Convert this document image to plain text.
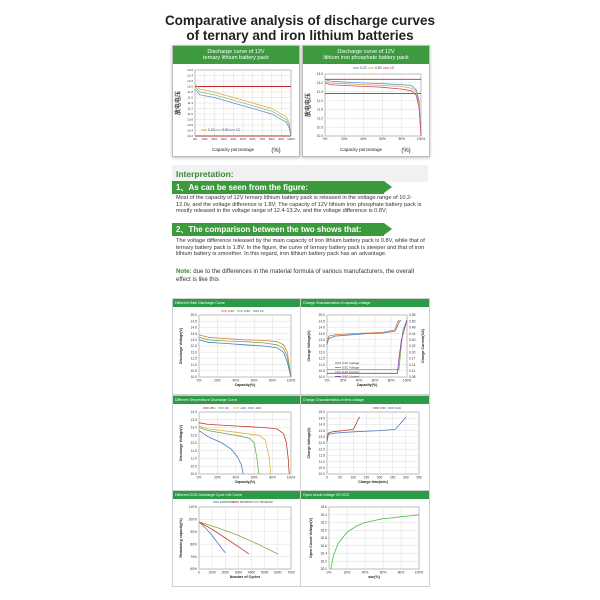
Comparative analysis of discharge curves
of ternary and iron lithium batteries
Discharge curve of 12V
ternary lithium battery pack
12.6
12.4
12.2
12.0
11.8
11.6
11.4
11.2
11.0
10.8
10.6
10.4
10.2
0% 10% 20% 30% 40% 50% 60% 70% 80% 90% 100%
放电电压
0.2C 0.5C 1C
Capacity percentage	(%)
Discharge curve of 12V
lithium iron phosphate battery pack
13.5
13.0
12.5
12.0
11.5
11.0
10.5
10.0
0%	20%	40%	60%	80%	100%
放电电压
0.2C 0.5C 1C
Capacity percentage	(%)
Interpretation:
1、As can be seen from the figure:
Most of the capacity of 12V ternary lithium battery pack is released in the voltage range of 10.2-12.0v, and the voltage difference is 1.8V; The capacity of 12V lithium iron phosphate battery pack is mostly released in the voltage range of 12.4-13.2v, and the voltage difference is 0.8V;
2、The comparison between the two shows that:
The voltage difference released by the main capacity of iron lithium battery pack is 0.8V, while that of ternary battery pack is 1.8V. In the figure, the curve of ternary battery pack is steeper and that of iron lithium battery is smoother. In this regard, iron lithium battery pack has an advantage.
Note: due to the differences in the material formula of various manufacturers, the overall effect is like this
Different Rate Discharge Curve
15.0
14.5
14.0
13.5
13.0
12.5
12.0
11.5
11.0
10.5
10.0
0%	20%	40%	60%	80%	100%
Discharge Voltage(V)
Capacity(%)
0.2C	0.5C	1C
Charge Characteristics of capacity-voltage
15.0
14.5
14.0
13.5
13.0
12.5
12.0
11.5
11.0
10.5
10.0
0%	20%	40%	60%	80%	100%
0.55
0.50
0.48
0.44
0.40
0.22
0.20
0.17
0.14
0.11
0.08
Charge Voltage(V)	Charge Current(CA)
Capacity(%)
0.2C Voltage
0.5C Voltage
0.2C Current
0.5C Current
Different Temperature Discharge Curve
14.0
13.5
13.0
12.5
12.0
11.5
11.0
10.5
10.0
0%	20%	40%	60%	80%	100%
Discharge Voltage(V)
Capacity(%)
25C	0C	-10C	-20C
Charge Characteristics of time-voltage
15.0
14.5
14.0
13.5
13.0
12.5
12.0
11.5
11.0
10.5
10.0
0	50	100 150 200 250 300 350
Charge Voltage(V)
Charge time(min)
0.5C	0.2C
Different DOD Discharge Cycle Life Curve
110%
100%
90%
80%
70%
60%
0	1000 2000 3000 4000 5000 6000 7000
Remaining capacity(%)
Number of Cycles
100%DOD 80%DOD 50%DOD
Open circuit voltage VS SOC
33.6
33.4
33.2
33.0
32.8
32.6
32.4
32.2
32.0
0%	20%	40%	60%	80%	100%
Open Circuit Voltage(V)
soc(%)
